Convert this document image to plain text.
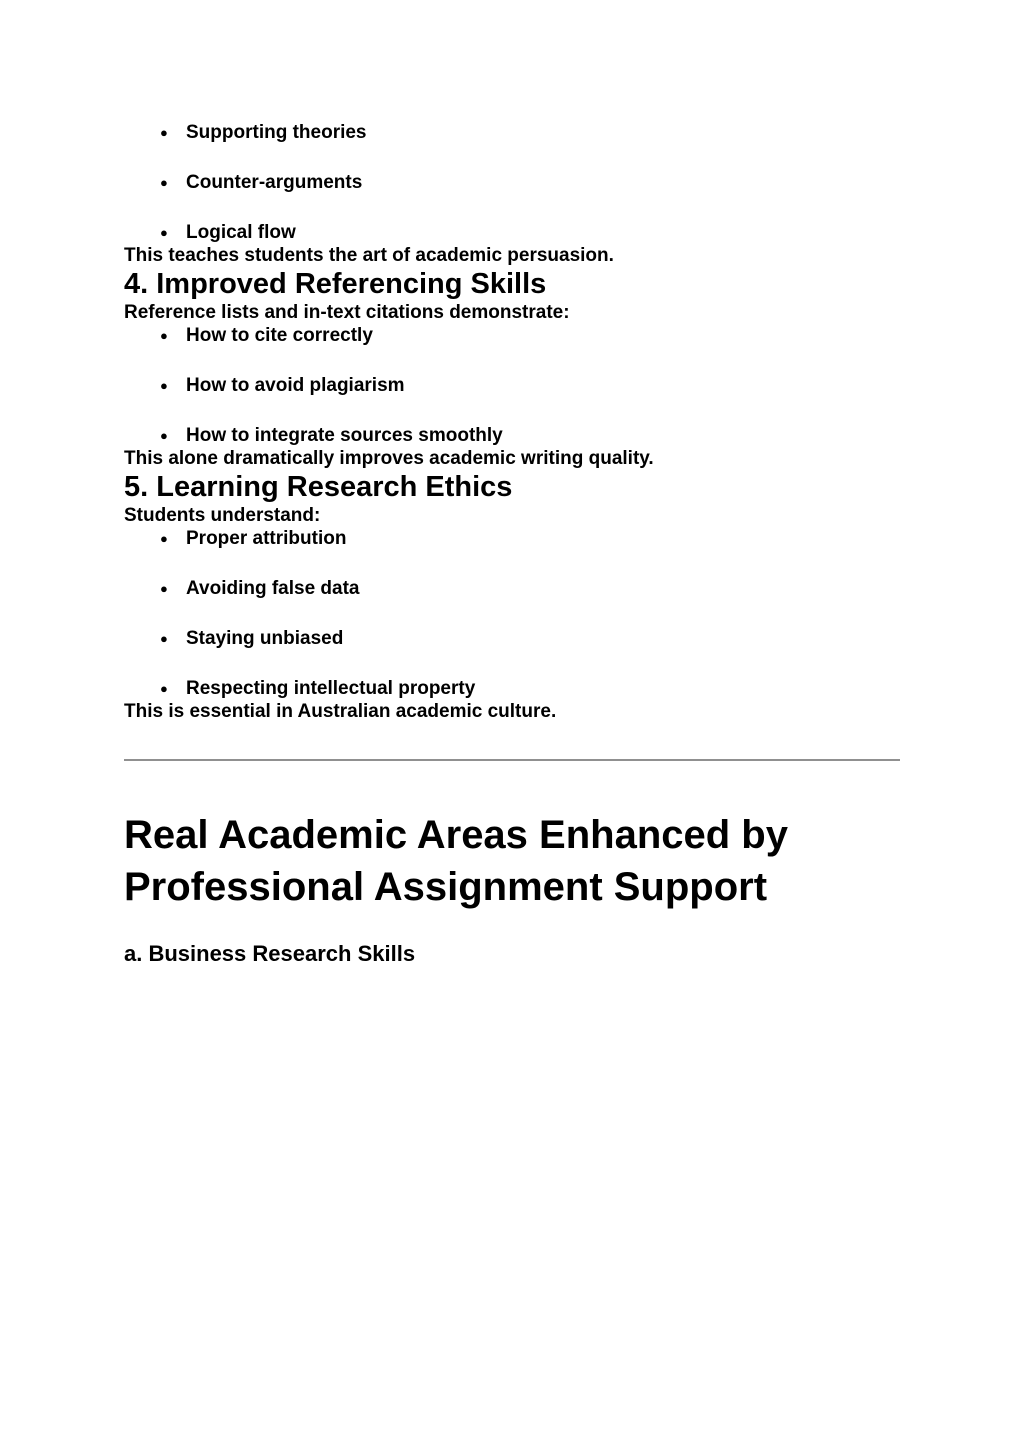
● Supporting theories
● Counter-arguments
● Logical flow

This teaches students the art of academic persuasion.

4. Improved Referencing Skills

Reference lists and in-text citations demonstrate:

● How to cite correctly
● How to avoid plagiarism
● How to integrate sources smoothly

This alone dramatically improves academic writing quality.

5. Learning Research Ethics

Students understand:

● Proper attribution
● Avoiding false data
● Staying unbiased
● Respecting intellectual property

This is essential in Australian academic culture.

Real Academic Areas Enhanced by Professional Assignment Support
a. Business Research Skills
